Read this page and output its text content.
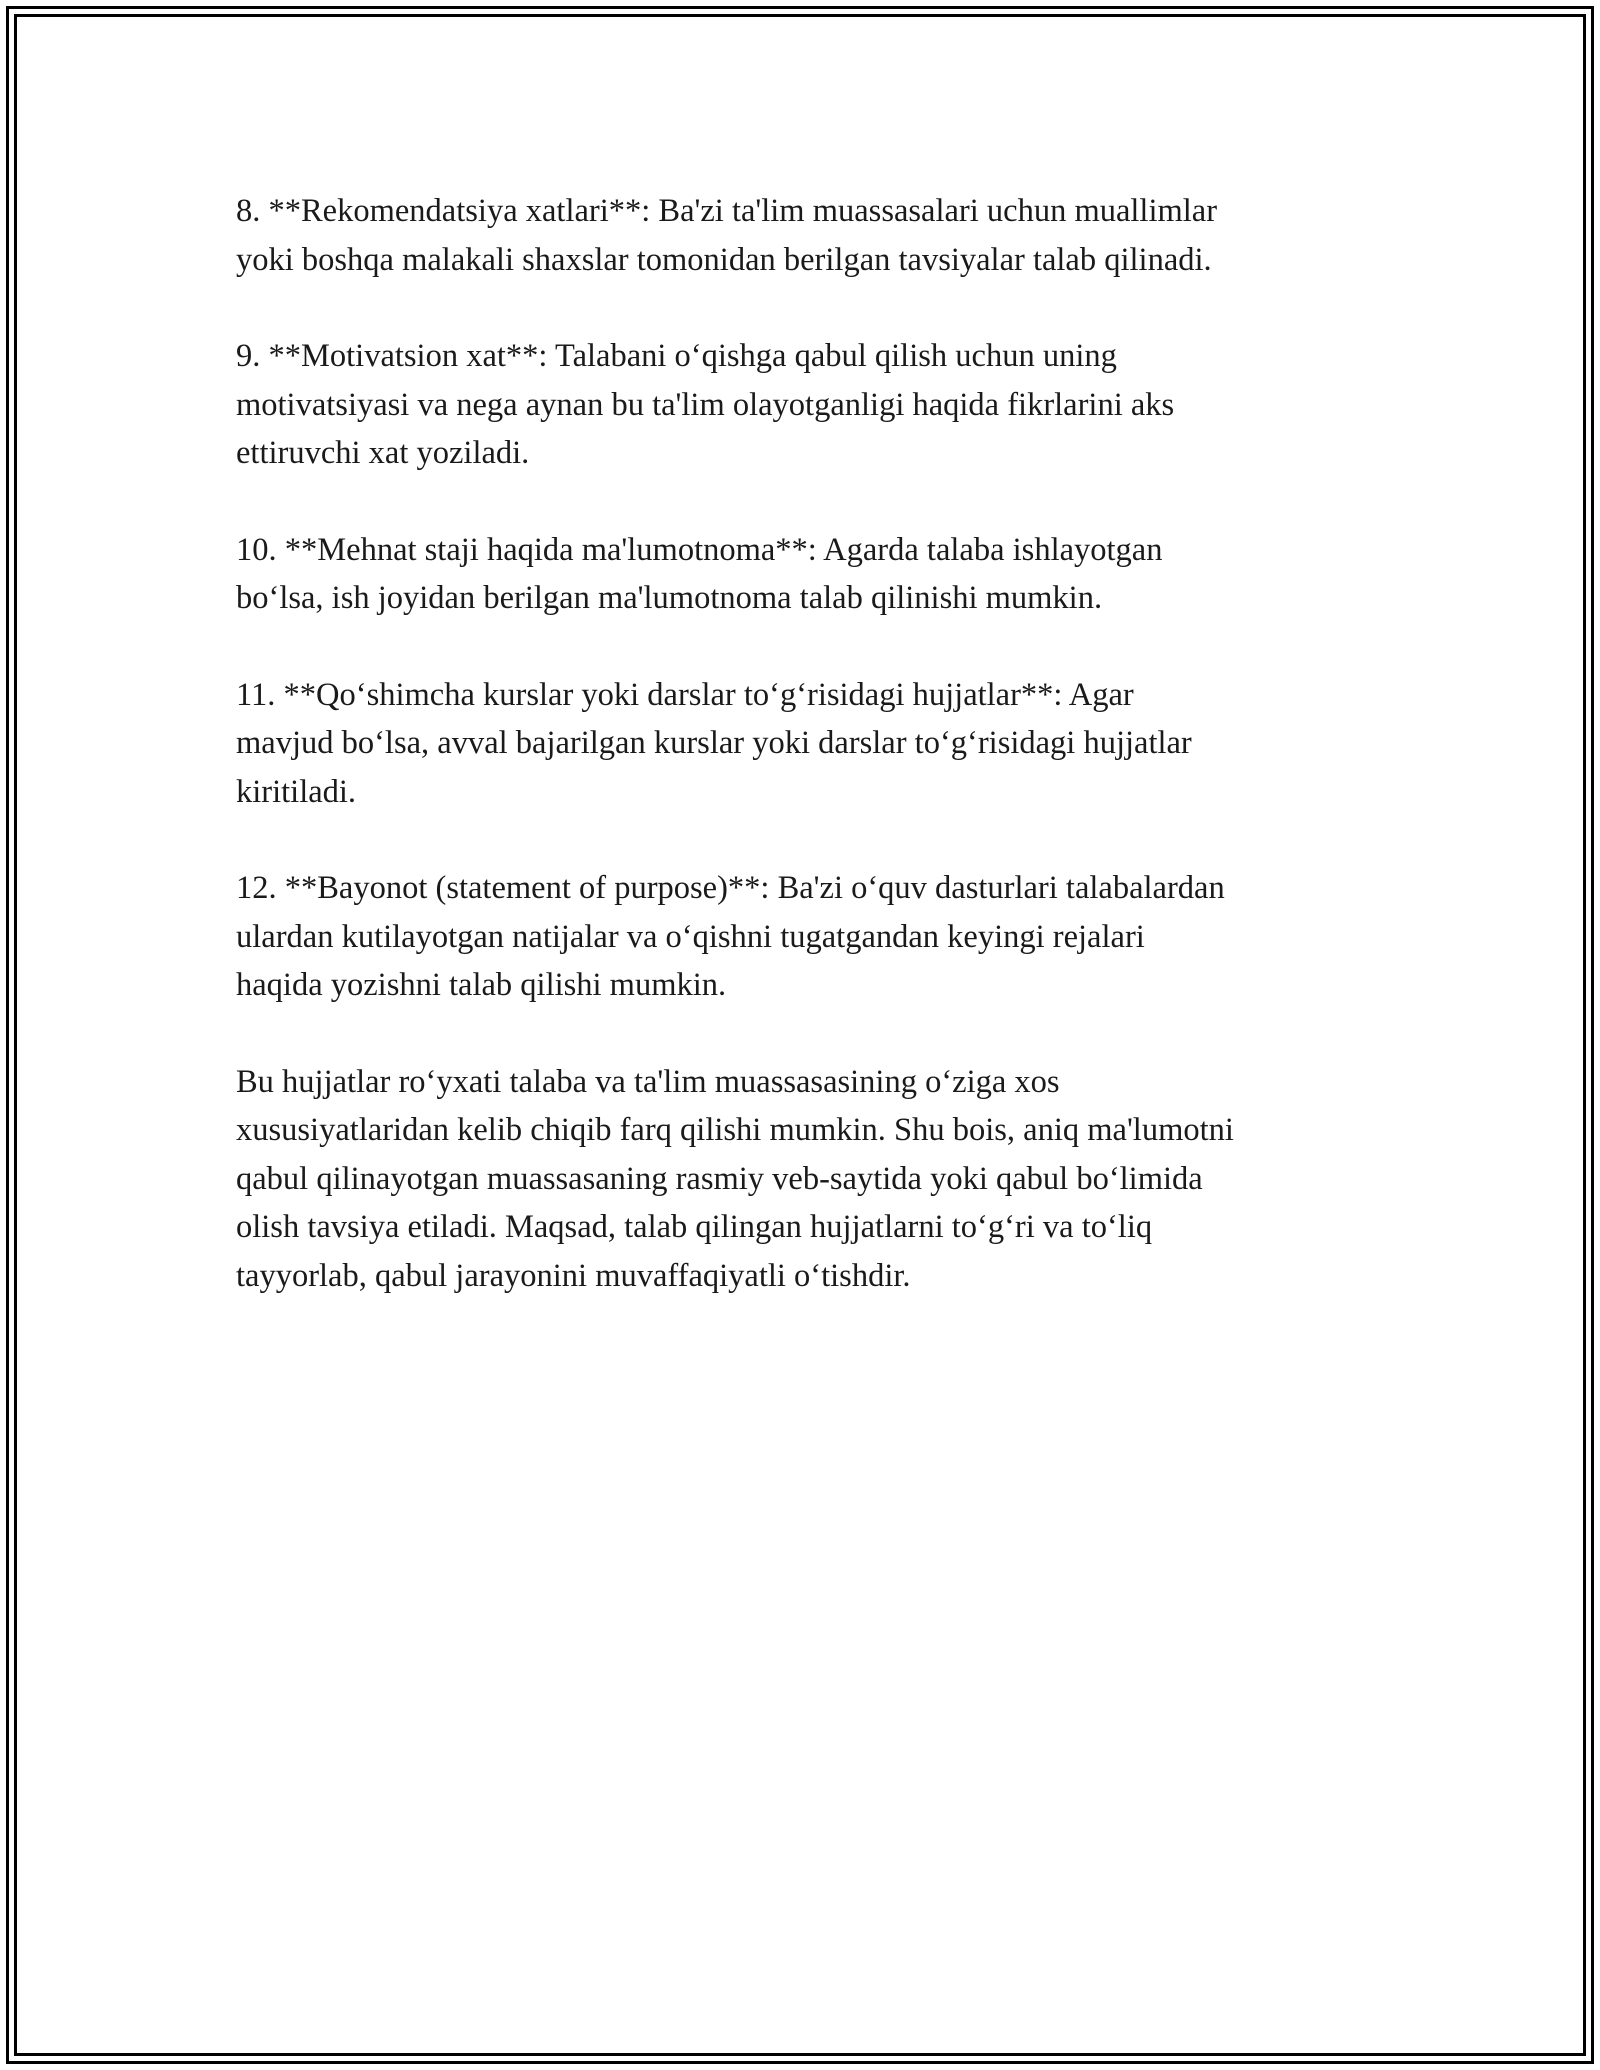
8. **Rekomendatsiya xatlari**: Ba'zi ta'lim muassasalari uchun muallimlar
yoki boshqa malakali shaxslar tomonidan berilgan tavsiyalar talab qilinadi.

9. **Motivatsion xat**: Talabani oʻqishga qabul qilish uchun uning
motivatsiyasi va nega aynan bu ta'lim olayotganligi haqida fikrlarini aks
ettiruvchi xat yoziladi.

10. **Mehnat staji haqida ma'lumotnoma**: Agarda talaba ishlayotgan
boʻlsa, ish joyidan berilgan ma'lumotnoma talab qilinishi mumkin.

11. **Qoʻshimcha kurslar yoki darslar toʻgʻrisidagi hujjatlar**: Agar
mavjud boʻlsa, avval bajarilgan kurslar yoki darslar toʻgʻrisidagi hujjatlar
kiritiladi.

12. **Bayonot (statement of purpose)**: Ba'zi oʻquv dasturlari talabalardan
ulardan kutilayotgan natijalar va oʻqishni tugatgandan keyingi rejalari
haqida yozishni talab qilishi mumkin.

Bu hujjatlar roʻyxati talaba va ta'lim muassasasining oʻziga xos
xususiyatlaridan kelib chiqib farq qilishi mumkin. Shu bois, aniq ma'lumotni
qabul qilinayotgan muassasaning rasmiy veb-saytida yoki qabul boʻlimida
olish tavsiya etiladi. Maqsad, talab qilingan hujjatlarni toʻgʻri va toʻliq
tayyorlab, qabul jarayonini muvaffaqiyatli oʻtishdir.
